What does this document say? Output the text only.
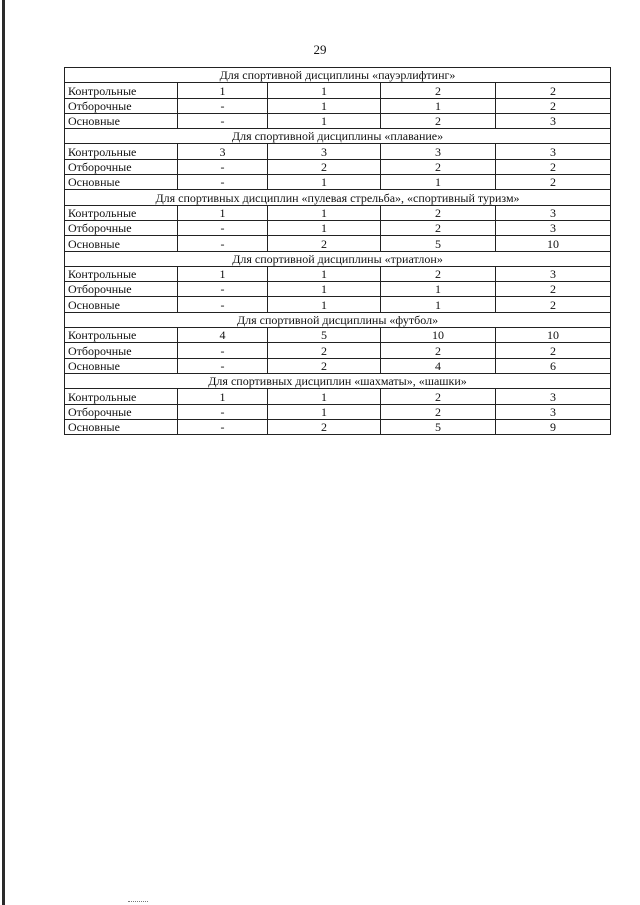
29
Для спортивной дисциплины «пауэрлифтинг»				
Контрольные	1	1	2	2
Отборочные	-	1	1	2
Основные	-	1	2	3
Для спортивной дисциплины «плавание»				
Контрольные	3	3	3	3
Отборочные	-	2	2	2
Основные	-	1	1	2
Для спортивных дисциплин «пулевая стрельба», «спортивный туризм»				
Контрольные	1	1	2	3
Отборочные	-	1	2	3
Основные	-	2	5	10
Для спортивной дисциплины «триатлон»				
Контрольные	1	1	2	3
Отборочные	-	1	1	2
Основные	-	1	1	2
Для спортивной дисциплины «футбол»				
Контрольные	4	5	10	10
Отборочные	-	2	2	2
Основные	-	2	4	6
Для спортивных дисциплин «шахматы», «шашки»				
Контрольные	1	1	2	3
Отборочные	-	1	2	3
Основные	-	2	5	9
